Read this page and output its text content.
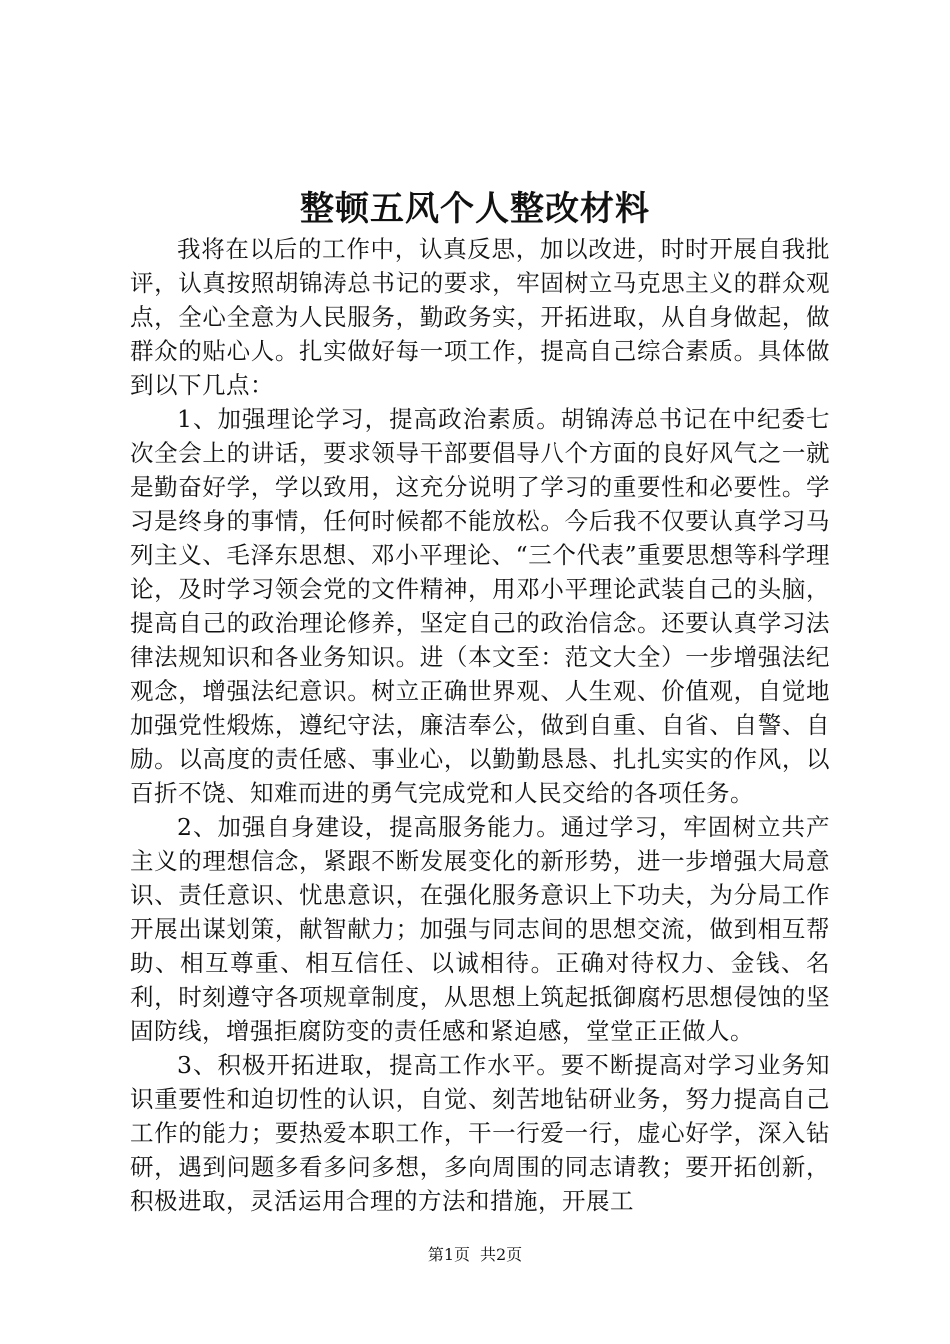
整顿五风个人整改材料

我将在以后的工作中，认真反思，加以改进，时时开展自我批评，认真按照胡锦涛总书记的要求，牢固树立马克思主义的群众观点，全心全意为人民服务，勤政务实，开拓进取，从自身做起，做群众的贴心人。扎实做好每一项工作，提高自己综合素质。具体做到以下几点：

1、加强理论学习，提高政治素质。胡锦涛总书记在中纪委七次全会上的讲话，要求领导干部要倡导八个方面的良好风气之一就是勤奋好学，学以致用，这充分说明了学习的重要性和必要性。学习是终身的事情，任何时候都不能放松。今后我不仅要认真学习马列主义、毛泽东思想、邓小平理论、“三个代表”重要思想等科学理论，及时学习领会党的文件精神，用邓小平理论武装自己的头脑，提高自己的政治理论修养，坚定自己的政治信念。还要认真学习法律法规知识和各业务知识。进（本文至：范文大全）一步增强法纪观念，增强法纪意识。树立正确世界观、人生观、价值观，自觉地加强党性煅炼，遵纪守法，廉洁奉公，做到自重、自省、自警、自励。以高度的责任感、事业心，以勤勤恳恳、扎扎实实的作风，以百折不饶、知难而进的勇气完成党和人民交给的各项任务。

2、加强自身建设，提高服务能力。通过学习，牢固树立共产主义的理想信念，紧跟不断发展变化的新形势，进一步增强大局意识、责任意识、忧患意识，在强化服务意识上下功夫，为分局工作开展出谋划策，献智献力；加强与同志间的思想交流，做到相互帮助、相互尊重、相互信任、以诚相待。正确对待权力、金钱、名利，时刻遵守各项规章制度，从思想上筑起抵御腐朽思想侵蚀的坚固防线，增强拒腐防变的责任感和紧迫感，堂堂正正做人。

3、积极开拓进取，提高工作水平。要不断提高对学习业务知识重要性和迫切性的认识，自觉、刻苦地钻研业务，努力提高自己工作的能力；要热爱本职工作，干一行爱一行，虚心好学，深入钻研，遇到问题多看多问多想，多向周围的同志请教；要开拓创新，积极进取，灵活运用合理的方法和措施，开展工

第1页 共2页
